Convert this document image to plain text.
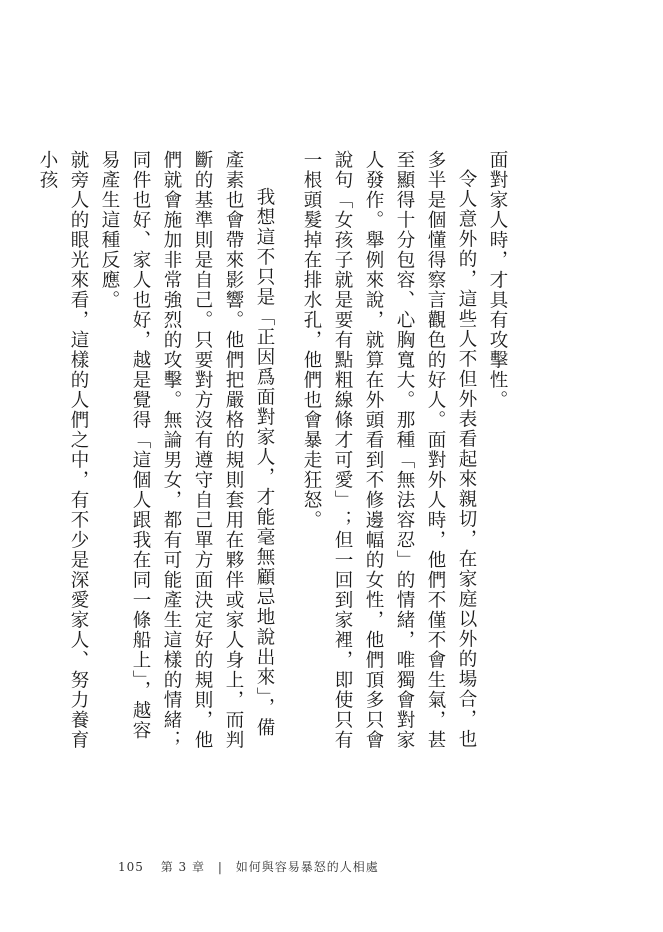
面對家人時，才具有攻擊性。

令人意外的，這些人不但外表看起來親切，在家庭以外的場合，也多半是個懂得察言觀色的好人。面對外人時，他們不僅不會生氣，甚至顯得十分包容、心胸寬大。那種「無法容忍」的情緒，唯獨會對家人發作。舉例來說，就算在外頭看到不修邊幅的女性，他們頂多只會說句「女孩子就是要有點粗線條才可愛」；但一回到家裡，即使只有一根頭髮掉在排水孔，他們也會暴走狂怒。

我想這不只是「正因爲面對家人，才能毫無顧忌地說出來」，備產素也會帶來影響。他們把嚴格的規則套用在夥伴或家人身上，而判斷的基準則是自己。只要對方沒有遵守自己單方面決定好的規則，他們就會施加非常強烈的攻擊。無論男女，都有可能產生這樣的情緒；同件也好、家人也好，越是覺得「這個人跟我在同一條船上」，越容易產生這種反應。

就旁人的眼光來看，這樣的人們之中，有不少是深愛家人、努力養育小孩

105 第 3 章 | 如何與容易暴怒的人相處
